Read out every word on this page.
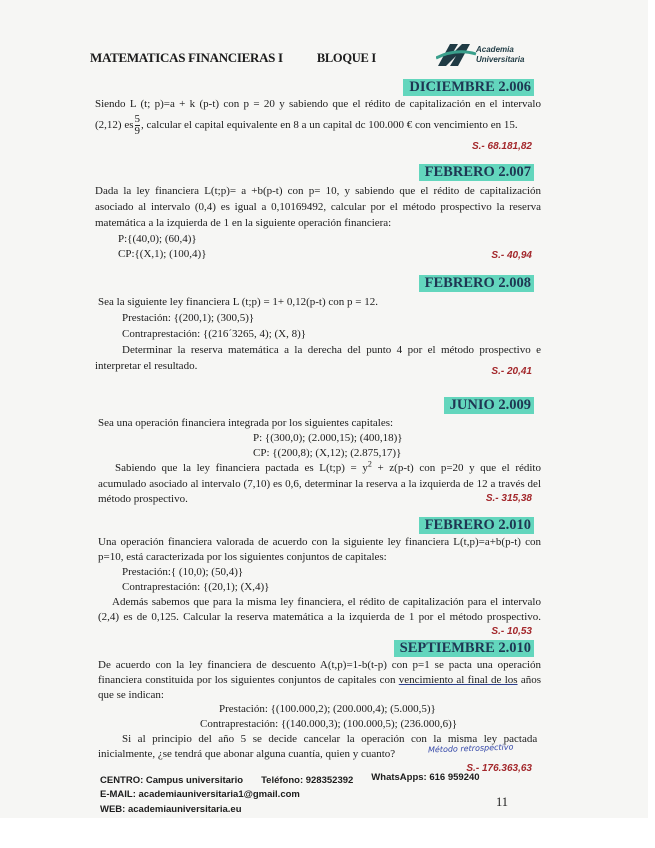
MATEMATICAS FINANCIERAS I	BLOQUE I
Academia
Universitaria
DICIEMBRE 2.006
Siendo L (t; p)=a + k (p-t) con p = 20 y sabiendo que el rédito de capitalización en el intervalo
(2,12) es $\frac{5}{9}$ , calcular el capital equivalente en 8 a un capital dc 100.000 € con vencimiento en 15.
S.- 68.181,82
FEBRERO 2.007
Dada la ley financiera L(t;p)= a +b(p-t) con p= 10, y sabiendo que el rédito de capitalización
asociado al intervalo (0,4) es igual a 0,10169492, calcular por el método prospectivo la reserva
matemática a la izquierda de 1 en la siguiente operación financiera:
P:{(40,0); (60,4)}
CP:{(X,1); (100,4)}	S.- 40,94
FEBRERO 2.008
Sea la siguiente ley financiera L (t;p) = 1+ 0,12(p-t) con p = 12.
Prestación: {(200,1); (300,5)}
Contraprestación: {(216´3265, 4); (X, 8)}
Determinar la reserva matemática a la derecha del punto 4 por el método prospectivo e
interpretar el resultado.	S.- 20,41
JUNIO 2.009
Sea una operación financiera integrada por los siguientes capitales:
P: {(300,0); (2.000,15); (400,18)}
CP: {(200,8); (X,12); (2.875,17)}
Sabiendo que la ley financiera pactada es L(t;p) = $y^2 + z(p-t)$ con p=20 y que el rédito
acumulado asociado al intervalo (7,10) es 0,6, determinar la reserva a la izquierda de 12 a través del
método prospectivo.	S.- 315,38
FEBRERO 2.010
Una operación financiera valorada de acuerdo con la siguiente ley financiera L(t,p)=a+b(p-t) con
p=10, está caracterizada por los siguientes conjuntos de capitales:
Prestación:{ (10,0); (50,4)}
Contraprestación: {(20,1); (X,4)}
Además sabemos que para la misma ley financiera, el rédito de capitalización para el intervalo
(2,4) es de 0,125. Calcular la reserva matemática a la izquierda de 1 por el método prospectivo.
S.- 10,53
SEPTIEMBRE 2.010
De acuerdo con la ley financiera de descuento A(t,p)=1-b(t-p) con p=1 se pacta una operación
financiera constituida por los siguientes conjuntos de capitales con vencimiento al final de los años
que se indican:
Prestación: {(100.000,2); (200.000,4); (5.000,5)}
Contraprestación: {(140.000,3); (100.000,5); (236.000,6)}
Si al principio del año 5 se decide cancelar la operación con la misma ley pactada
inicialmente, ¿se tendrá que abonar alguna cuantía, quien y cuanto?	Método retrospectivo
S.- 176.363,63
CENTRO: Campus universitario Teléfono: 928352392 WhatsApps: 616 959240
E-MAIL: academiauniversitaria1@gmail.com
WEB: academiauniversitaria.eu
11
